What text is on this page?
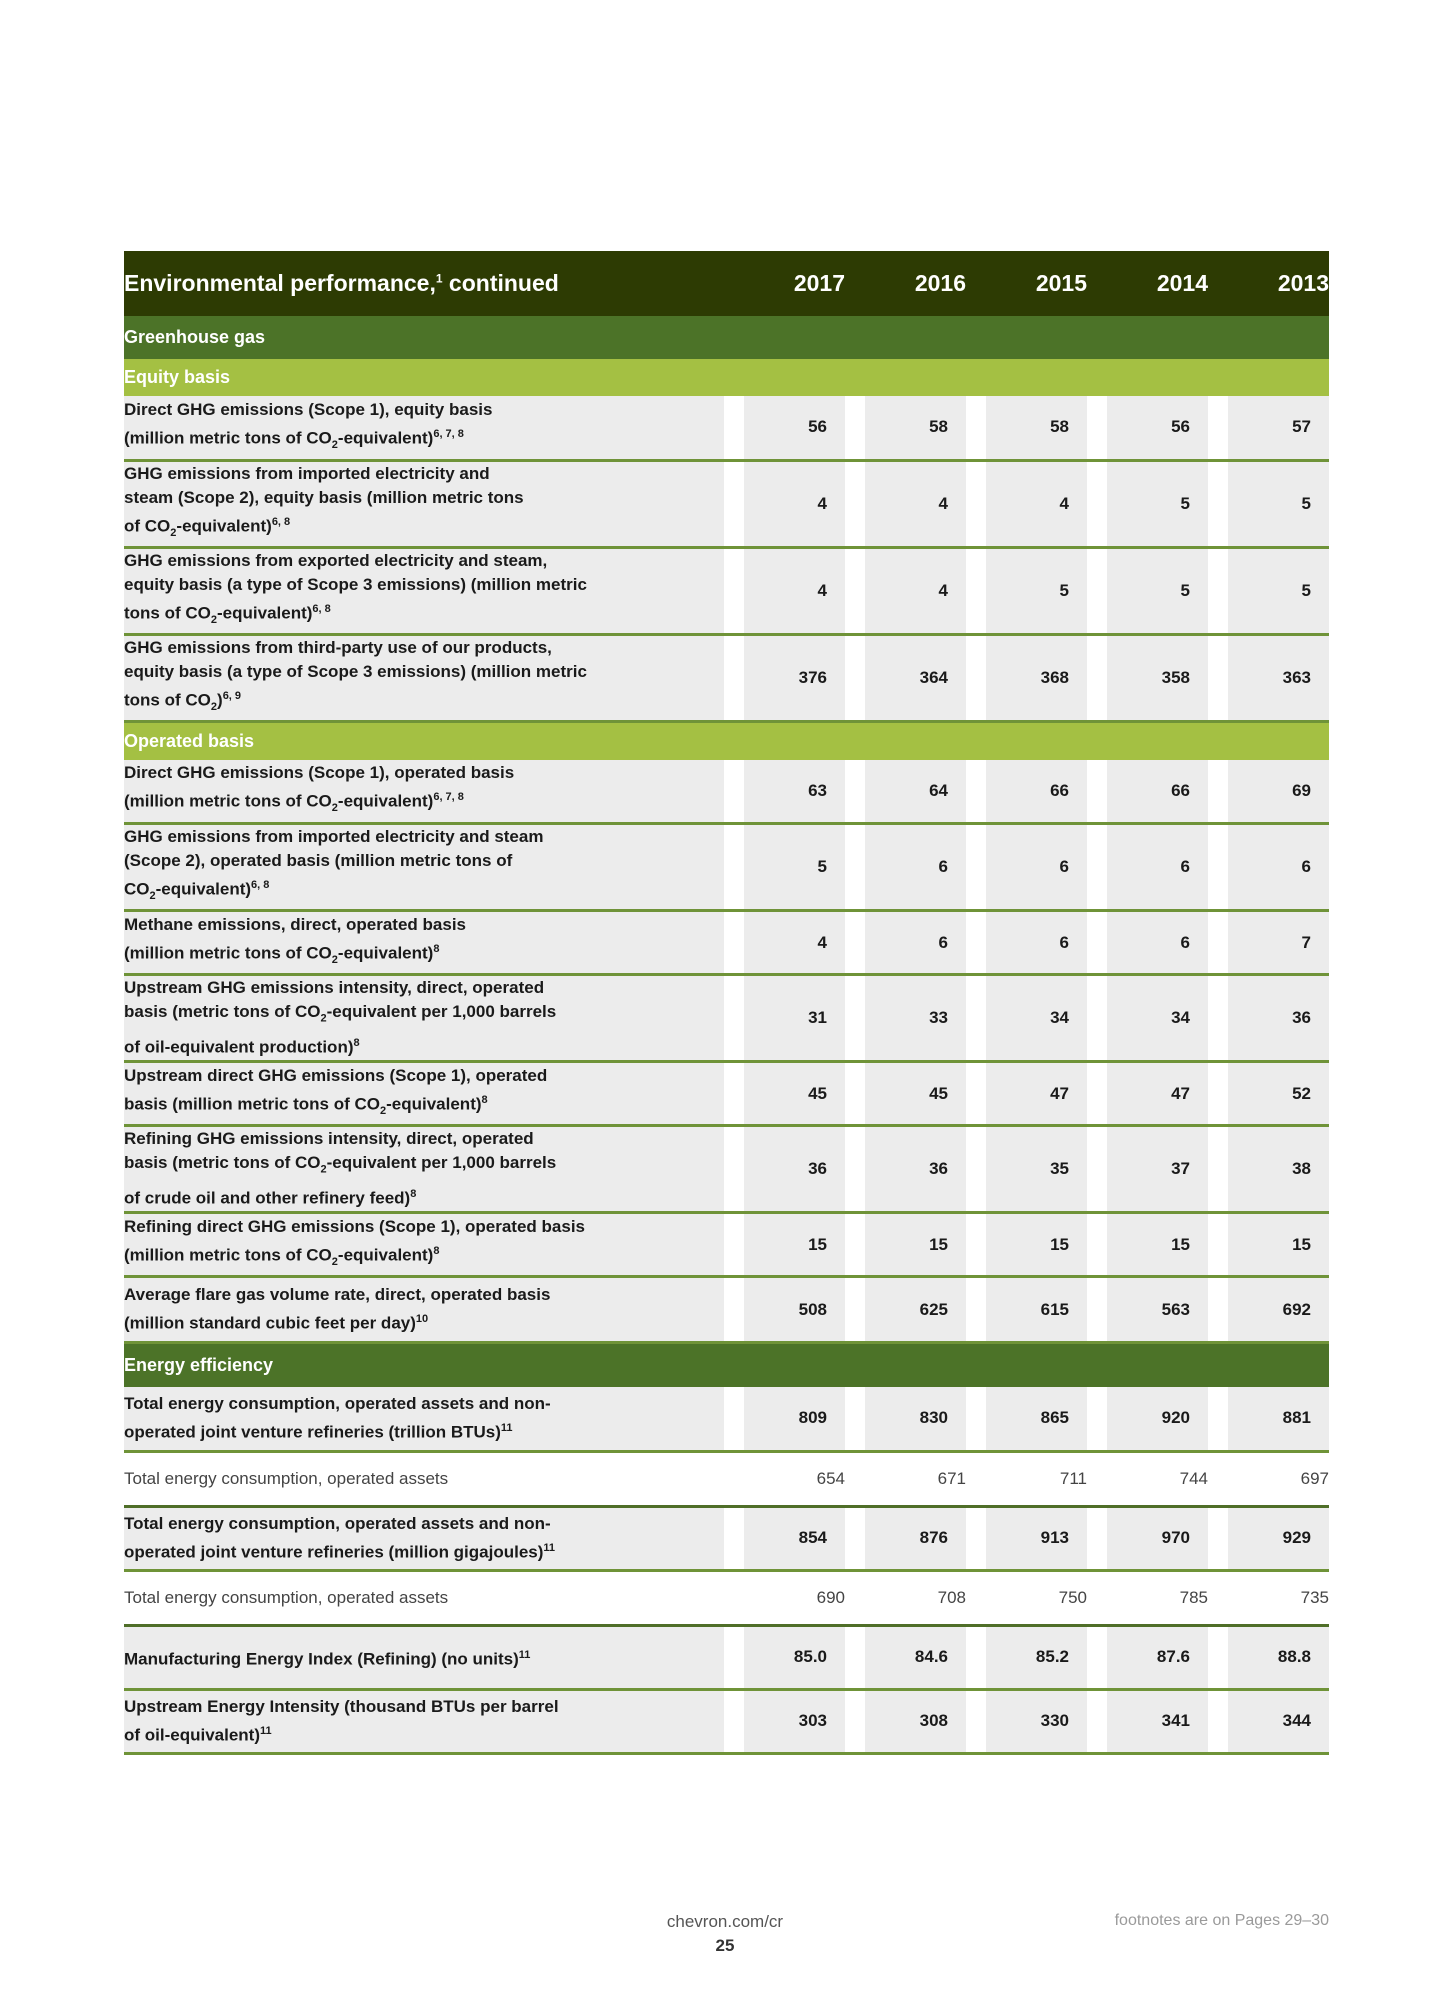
Environmental performance,$^1$ continued	2017	2016	2015	2014	2013
Greenhouse gas					
Equity basis					
Direct GHG emissions (Scope 1), equity basis
(million metric tons of $CO_2-equivalent)^{6, 7, 8}$	56	58	58	56	57

GHG emissions from imported electricity and
steam (Scope 2), equity basis (million metric tons
of $CO_2-equivalent)^{6, 8}$	4	4	4	5	5

GHG emissions from exported electricity and steam,
equity basis (a type of Scope 3 emissions) (million metric
tons of $CO_2-equivalent)^{6, 8}$	4	4	5	5	5

GHG emissions from third-party use of our products,
equity basis (a type of Scope 3 emissions) (million metric
tons of $CO_2)^{6, 9}$	376	364	368	358	363

Operated basis					
Direct GHG emissions (Scope 1), operated basis
(million metric tons of $CO_2-equivalent)^{6, 7, 8}$	63	64	66	66	69

GHG emissions from imported electricity and steam
(Scope 2), operated basis (million metric tons of
$CO_2-equivalent)^{6, 8}$	5	6	6	6	6

Methane emissions, direct, operated basis
(million metric tons of $CO_2-equivalent)^8$	4	6	6	6	7

Upstream GHG emissions intensity, direct, operated
basis (metric tons of $CO_2$-equivalent per 1,000 barrels
of oil-equivalent production)$^8$	31	33	34	34	36

Upstream direct GHG emissions (Scope 1), operated
basis (million metric tons of $CO_2-equivalent)^8$	45	45	47	47	52

Refining GHG emissions intensity, direct, operated
basis (metric tons of $CO_2$-equivalent per 1,000 barrels
of crude oil and other refinery feed)$^8$	36	36	35	37	38

Refining direct GHG emissions (Scope 1), operated basis
(million metric tons of $CO_2-equivalent)^8$	15	15	15	15	15

Average flare gas volume rate, direct, operated basis
(million standard cubic feet per day)$^{10}$	508	625	615	563	692

Energy efficiency					
Total energy consumption, operated assets and non-
operated joint venture refineries (trillion BTUs)$^{11}$	809	830	865	920	881

Total energy consumption, operated assets	654	671	711	744	697
Total energy consumption, operated assets and non-
operated joint venture refineries (million gigajoules)$^{11}$	854	876	913	970	929

Total energy consumption, operated assets	690	708	750	785	735
Manufacturing Energy Index (Refining) (no units)$^{11}$	85.0	84.6	85.2	87.6	88.8

Upstream Energy Intensity (thousand BTUs per barrel
of oil-equivalent)$^{11}$	303	308	330	341	344
chevron.com/cr
25
footnotes are on Pages 29–30
